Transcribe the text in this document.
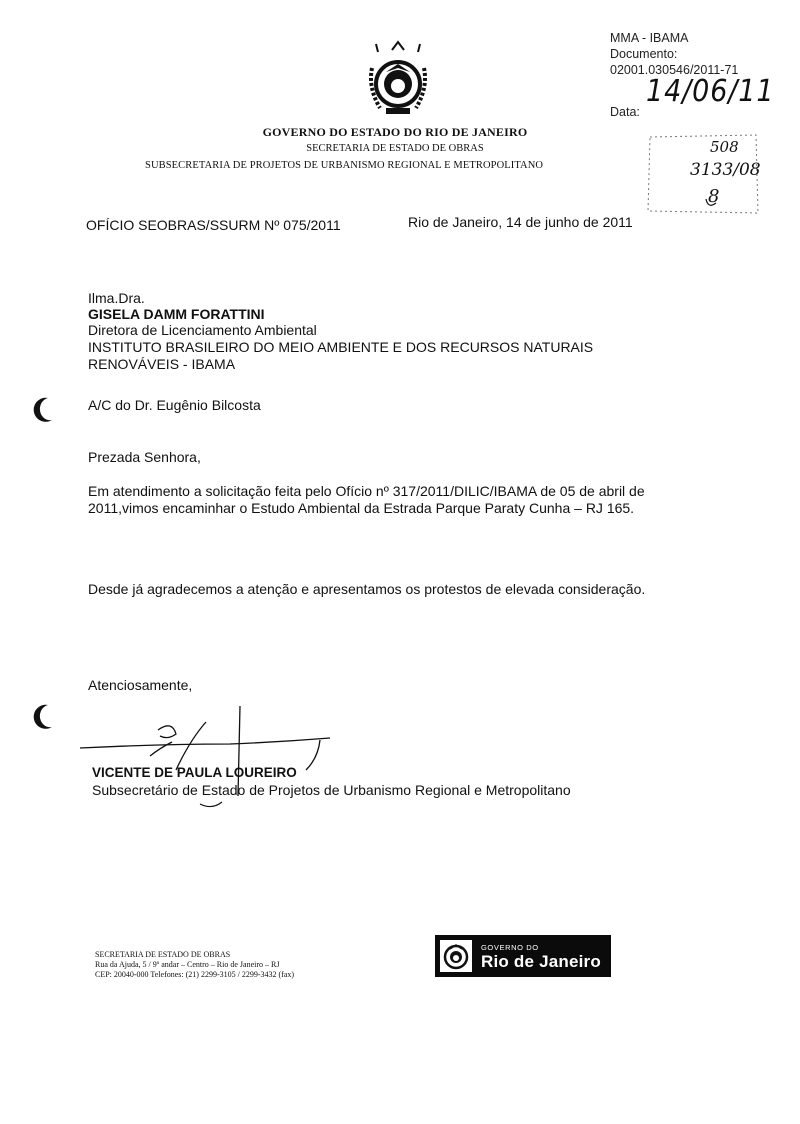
GOVERNO DO ESTADO DO RIO DE JANEIRO
SECRETARIA DE ESTADO DE OBRAS
SUBSECRETARIA DE PROJETOS DE URBANISMO REGIONAL E METROPOLITANO
MMA - IBAMA
Documento:
02001.030546/2011-71
Data:
14/06/11
508
3133/08
8
OFÍCIO SEOBRAS/SSURM Nº 075/2011	Rio de Janeiro, 14 de junho de 2011
Ilma.Dra.
GISELA DAMM FORATTINI
Diretora de Licenciamento Ambiental
INSTITUTO BRASILEIRO DO MEIO AMBIENTE E DOS RECURSOS NATURAIS
RENOVÁVEIS - IBAMA
A/C do Dr. Eugênio Bilcosta
Prezada Senhora,
Em atendimento a solicitação feita pelo Ofício nº 317/2011/DILIC/IBAMA de 05 de abril de 2011,vimos encaminhar o Estudo Ambiental da Estrada Parque Paraty Cunha – RJ 165.
Desde já agradecemos a atenção e apresentamos os protestos de elevada consideração.
Atenciosamente,
VICENTE DE PAULA LOUREIRO
Subsecretário de Estado de Projetos de Urbanismo Regional e Metropolitano
SECRETARIA DE ESTADO DE OBRAS
Rua da Ajuda, 5 / 9º andar – Centro – Rio de Janeiro – RJ
CEP: 20040-000 Telefones: (21) 2299-3105 / 2299-3432 (fax)
GOVERNO DO
Rio de Janeiro
